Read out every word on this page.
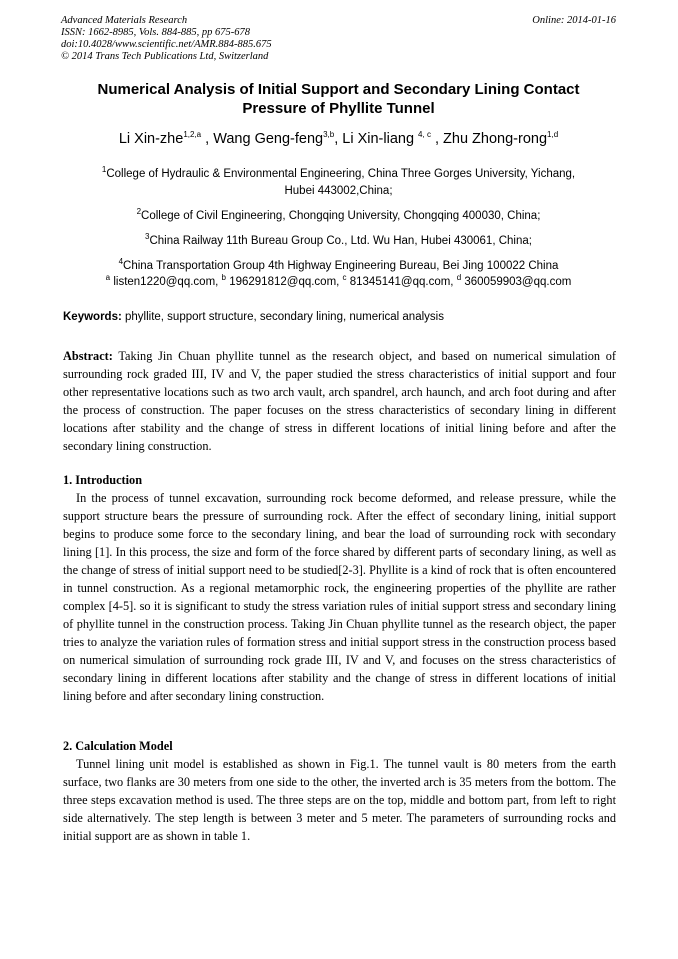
Advanced Materials Research
ISSN: 1662-8985, Vols. 884-885, pp 675-678
doi:10.4028/www.scientific.net/AMR.884-885.675
© 2014 Trans Tech Publications Ltd, Switzerland
Online: 2014-01-16
Numerical Analysis of Initial Support and Secondary Lining Contact
Pressure of Phyllite Tunnel
Li Xin-zhe$^{1,2,a}$ , Wang Geng-feng$^{3,b}$, Li Xin-liang $^{4, c}$ , Zhu Zhong-rong$^{1,d}$
$^1$College of Hydraulic & Environmental Engineering, China Three Gorges University, Yichang,
Hubei 443002,China;
$^2$College of Civil Engineering, Chongqing University, Chongqing 400030, China;
$^3$China Railway 11th Bureau Group Co., Ltd. Wu Han, Hubei 430061, China;
$^4$China Transportation Group 4th Highway Engineering Bureau, Bei Jing 100022 China
$^a$ listen1220@qq.com, $^b$ 196291812@qq.com, $^c$ 81345141@qq.com, $^d$ 360059903@qq.com
Keywords: phyllite, support structure, secondary lining, numerical analysis
Abstract: Taking Jin Chuan phyllite tunnel as the research object, and based on numerical simulation of surrounding rock graded III, IV and V, the paper studied the stress characteristics of initial support and four other representative locations such as two arch vault, arch spandrel, arch haunch, and arch foot during and after the process of construction. The paper focuses on the stress characteristics of secondary lining in different locations after stability and the change of stress in different locations of initial lining before and after the secondary lining construction.
1. Introduction
In the process of tunnel excavation, surrounding rock become deformed, and release pressure, while the support structure bears the pressure of surrounding rock. After the effect of secondary lining, initial support begins to produce some force to the secondary lining, and bear the load of surrounding rock with secondary lining [1]. In this process, the size and form of the force shared by different parts of secondary lining, as well as the change of stress of initial support need to be studied[2-3]. Phyllite is a kind of rock that is often encountered in tunnel construction. As a regional metamorphic rock, the engineering properties of the phyllite are rather complex [4-5]. so it is significant to study the stress variation rules of initial support stress and secondary lining of phyllite tunnel in the construction process. Taking Jin Chuan phyllite tunnel as the research object, the paper tries to analyze the variation rules of formation stress and initial support stress in the construction process based on numerical simulation of surrounding rock grade III, IV and V, and focuses on the stress characteristics of secondary lining in different locations after stability and the change of stress in different locations of initial lining before and after secondary lining construction.
2. Calculation Model
Tunnel lining unit model is established as shown in Fig.1. The tunnel vault is 80 meters from the earth surface, two flanks are 30 meters from one side to the other, the inverted arch is 35 meters from the bottom. The three steps excavation method is used. The three steps are on the top, middle and bottom part, from left to right side alternatively. The step length is between 3 meter and 5 meter. The parameters of surrounding rocks and initial support are as shown in table 1.
